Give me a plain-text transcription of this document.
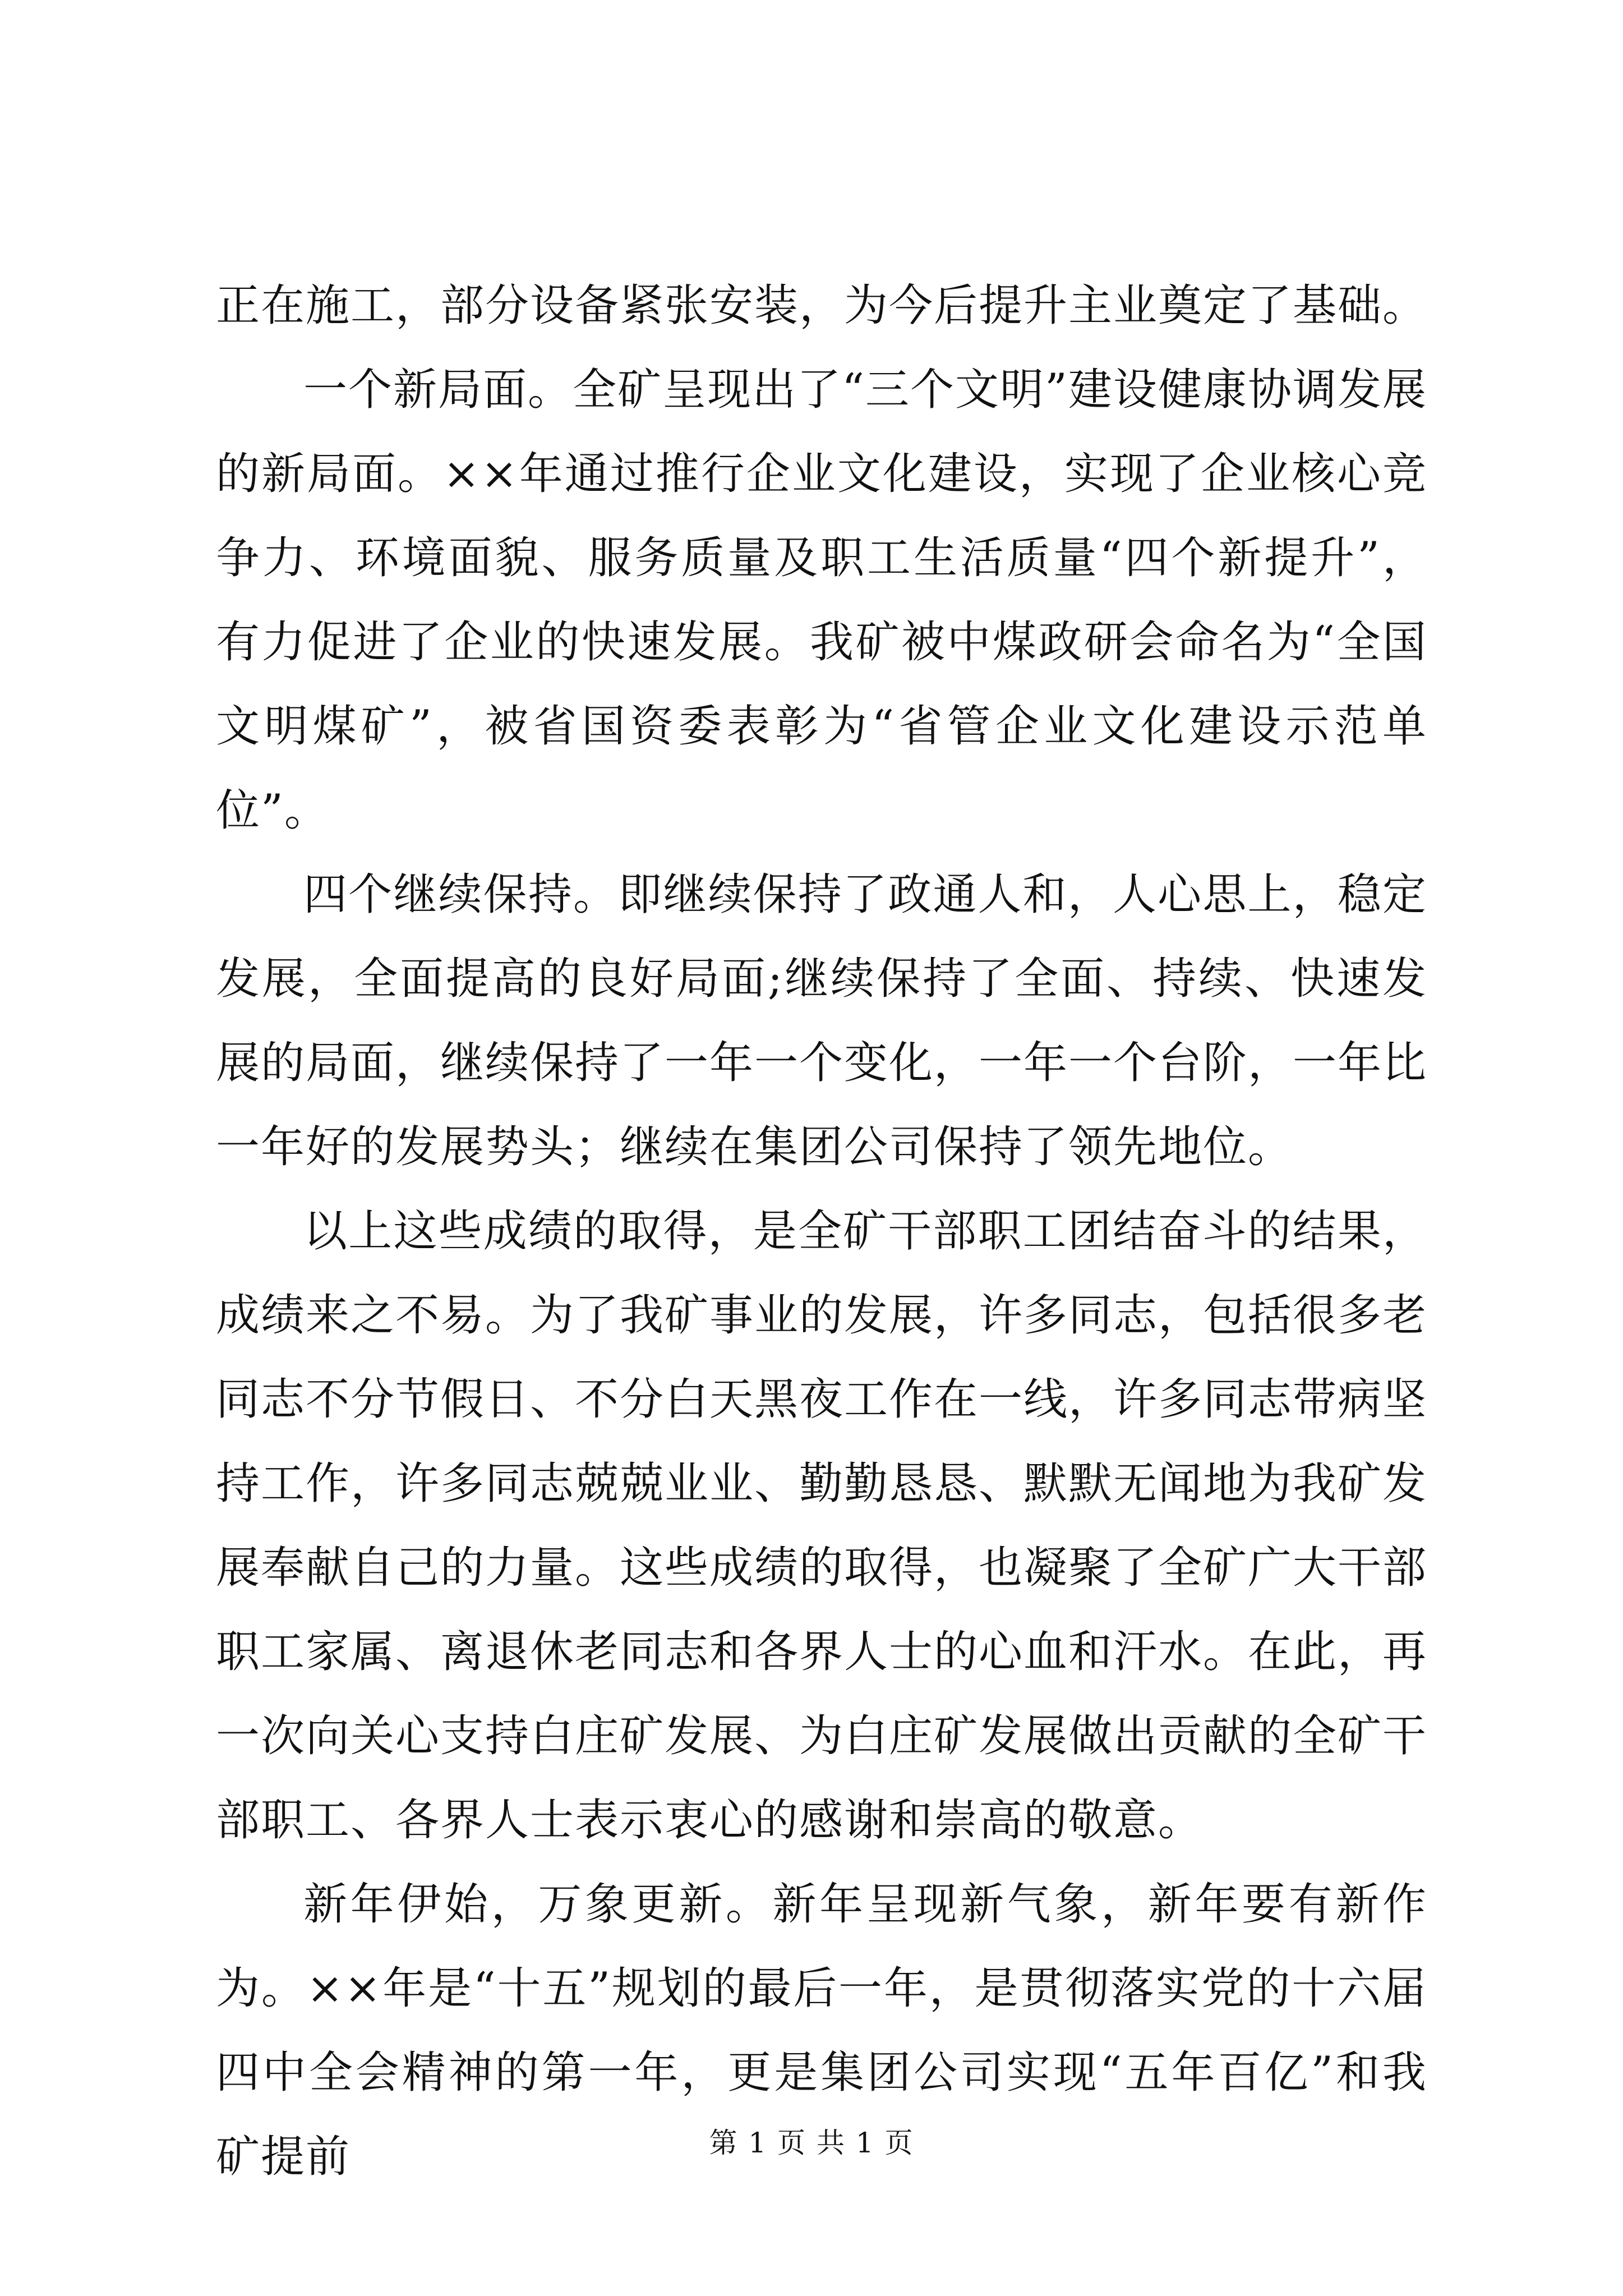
正在施工，部分设备紧张安装，为今后提升主业奠定了基础。

一个新局面。全矿呈现出了“三个文明”建设健康协调发展的新局面。××年通过推行企业文化建设，实现了企业核心竞争力、环境面貌、服务质量及职工生活质量“四个新提升”，有力促进了企业的快速发展。我矿被中煤政研会命名为“全国文明煤矿”，被省国资委表彰为“省管企业文化建设示范单位”。

四个继续保持。即继续保持了政通人和，人心思上，稳定发展，全面提高的良好局面;继续保持了全面、持续、快速发展的局面，继续保持了一年一个变化，一年一个台阶，一年比一年好的发展势头；继续在集团公司保持了领先地位。

以上这些成绩的取得，是全矿干部职工团结奋斗的结果，成绩来之不易。为了我矿事业的发展，许多同志，包括很多老同志不分节假日、不分白天黑夜工作在一线，许多同志带病坚持工作，许多同志兢兢业业、勤勤恳恳、默默无闻地为我矿发展奉献自己的力量。这些成绩的取得，也凝聚了全矿广大干部职工家属、离退休老同志和各界人士的心血和汗水。在此，再一次向关心支持白庄矿发展、为白庄矿发展做出贡献的全矿干部职工、各界人士表示衷心的感谢和崇高的敬意。

新年伊始，万象更新。新年呈现新气象，新年要有新作为。××年是“十五”规划的最后一年，是贯彻落实党的十六届四中全会精神的第一年，更是集团公司实现“五年百亿”和我矿提前	第 1 页 共 1 页
